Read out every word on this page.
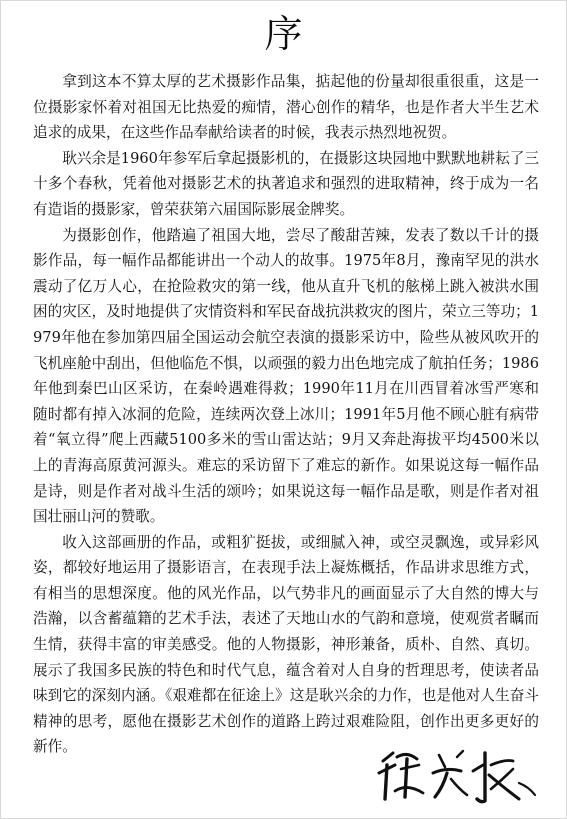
序

拿到这本不算太厚的艺术摄影作品集，掂起他的份量却很重很重，这是一位摄影家怀着对祖国无比热爱的痴情，潜心创作的精华，也是作者大半生艺术追求的成果，在这些作品奉献给读者的时候，我表示热烈地祝贺。

耿兴余是1960年参军后拿起摄影机的，在摄影这块园地中默默地耕耘了三十多个春秋，凭着他对摄影艺术的执著追求和强烈的进取精神，终于成为一名有造诣的摄影家，曾荣获第六届国际影展金牌奖。

为摄影创作，他踏遍了祖国大地，尝尽了酸甜苦辣，发表了数以千计的摄影作品，每一幅作品都能讲出一个动人的故事。1975年8月，豫南罕见的洪水震动了亿万人心，在抢险救灾的第一线，他从直升飞机的舷梯上跳入被洪水围困的灾区，及时地提供了灾情资料和军民奋战抗洪救灾的图片，荣立三等功；1979年他在参加第四届全国运动会航空表演的摄影采访中，险些从被风吹开的飞机座舱中刮出，但他临危不惧，以顽强的毅力出色地完成了航拍任务；1986年他到秦巴山区采访，在秦岭遇难得救；1990年11月在川西冒着冰雪严寒和随时都有掉入冰洞的危险，连续两次登上冰川；1991年5月他不顾心脏有病带着“氧立得”爬上西藏5100多米的雪山雷达站；9月又奔赴海拔平均4500米以上的青海高原黄河源头。难忘的采访留下了难忘的新作。如果说这每一幅作品是诗，则是作者对战斗生活的颂吟；如果说这每一幅作品是歌，则是作者对祖国壮丽山河的赞歌。

收入这部画册的作品，或粗犷挺拔，或细腻入神，或空灵飘逸，或异彩风姿，都较好地运用了摄影语言，在表现手法上凝炼概括，作品讲求思维方式，有相当的思想深度。他的风光作品，以气势非凡的画面显示了大自然的博大与浩瀚，以含蓄蕴籍的艺术手法，表述了天地山水的气韵和意境，使观赏者瞩而生情，获得丰富的审美感受。他的人物摄影，神形兼备，质朴、自然、真切。展示了我国多民族的特色和时代气息，蕴含着对人自身的哲理思考，使读者品味到它的深刻内涵。《艰难都在征途上》这是耿兴余的力作，也是他对人生奋斗精神的思考，愿他在摄影艺术创作的道路上跨过艰难险阻，创作出更多更好的新作。
